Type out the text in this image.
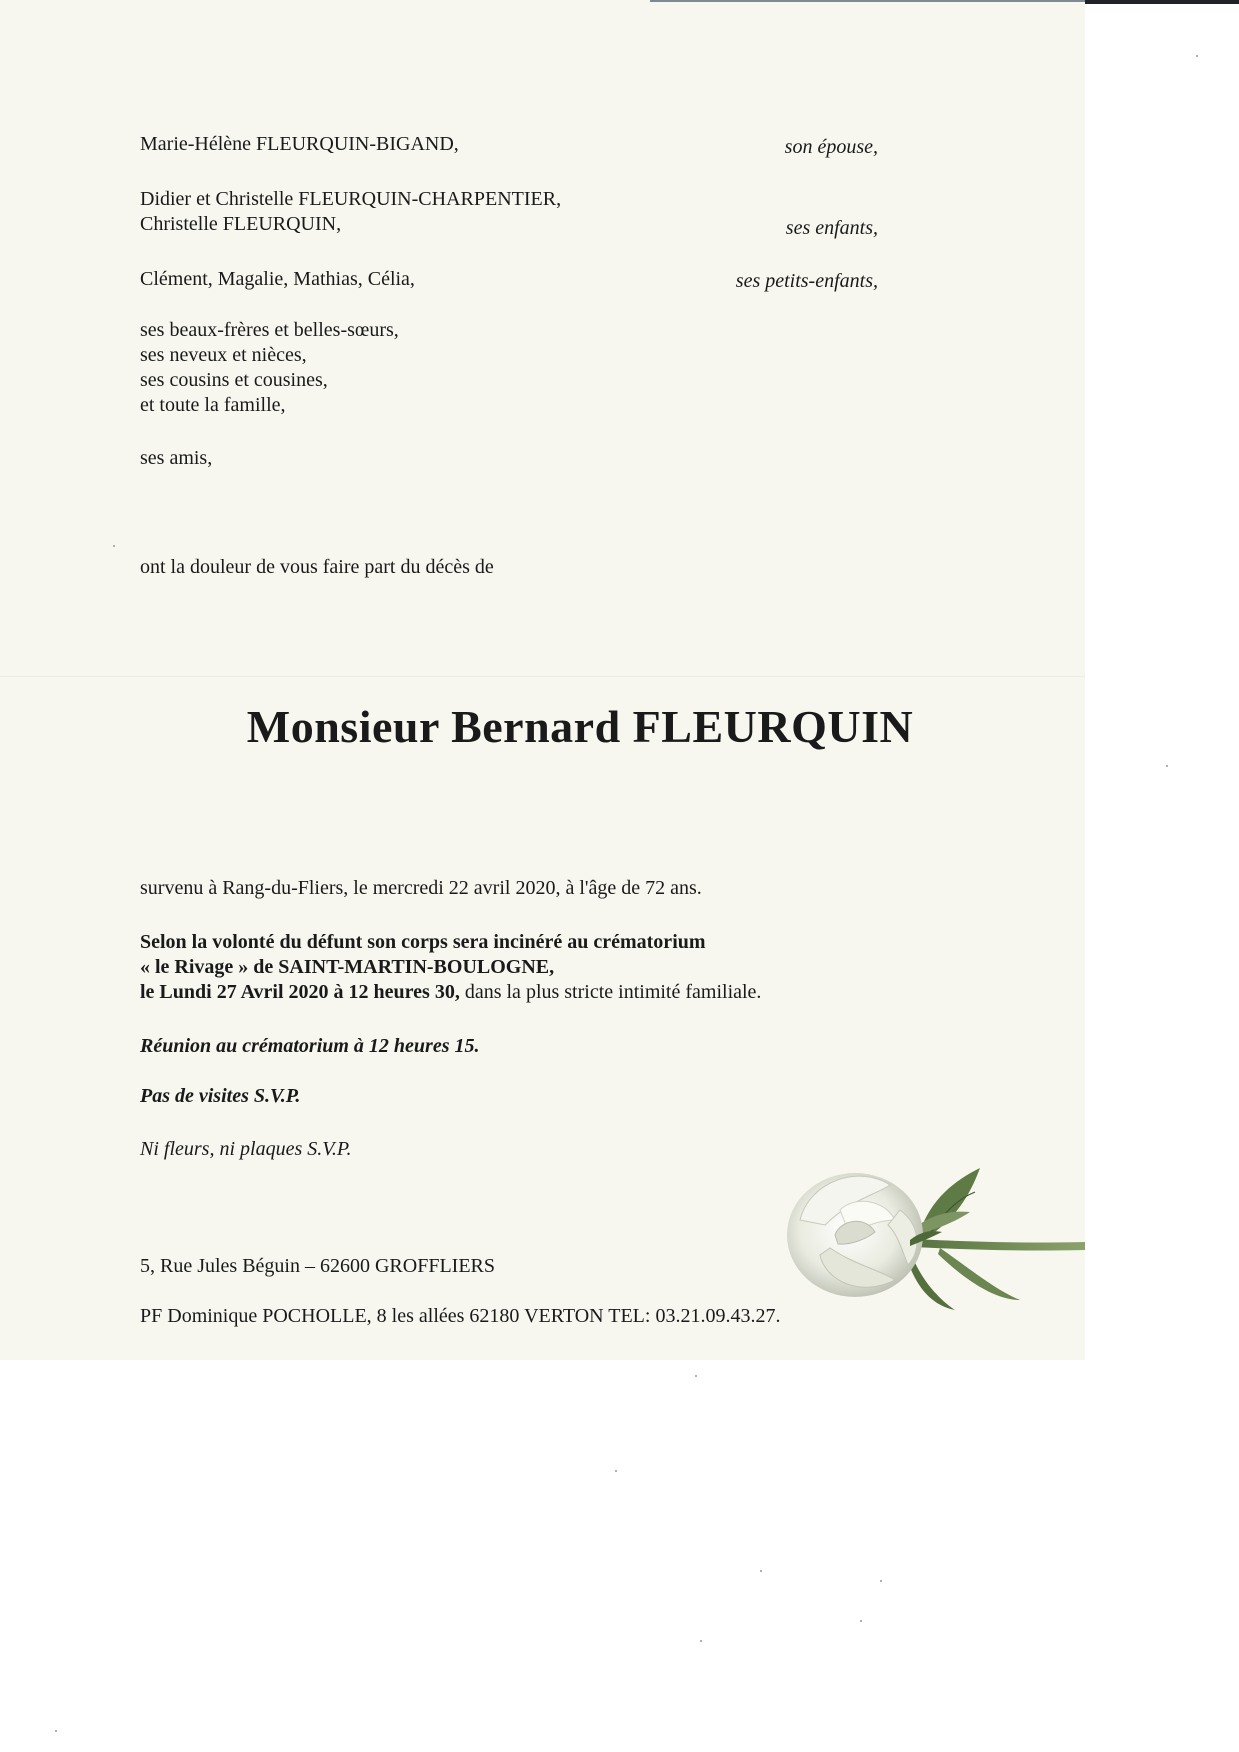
Marie-Hélène FLEURQUIN-BIGAND,	son épouse,
Didier et Christelle FLEURQUIN-CHARPENTIER,
Christelle FLEURQUIN,	ses enfants,
Clément, Magalie, Mathias, Célia,	ses petits-enfants,
ses beaux-frères et belles-sœurs,
ses neveux et nièces,
ses cousins et cousines,
et toute la famille,
ses amis,
ont la douleur de vous faire part du décès de
Monsieur Bernard FLEURQUIN
survenu à Rang-du-Fliers, le mercredi 22 avril 2020, à l'âge de 72 ans.
Selon la volonté du défunt son corps sera incinéré au crématorium
« le Rivage » de SAINT-MARTIN-BOULOGNE,
le Lundi 27 Avril 2020 à 12 heures 30, dans la plus stricte intimité familiale.
Réunion au crématorium à 12 heures 15.
Pas de visites S.V.P.
Ni fleurs, ni plaques S.V.P.
5, Rue Jules Béguin – 62600 GROFFLIERS
PF Dominique POCHOLLE, 8 les allées 62180 VERTON TEL: 03.21.09.43.27.
